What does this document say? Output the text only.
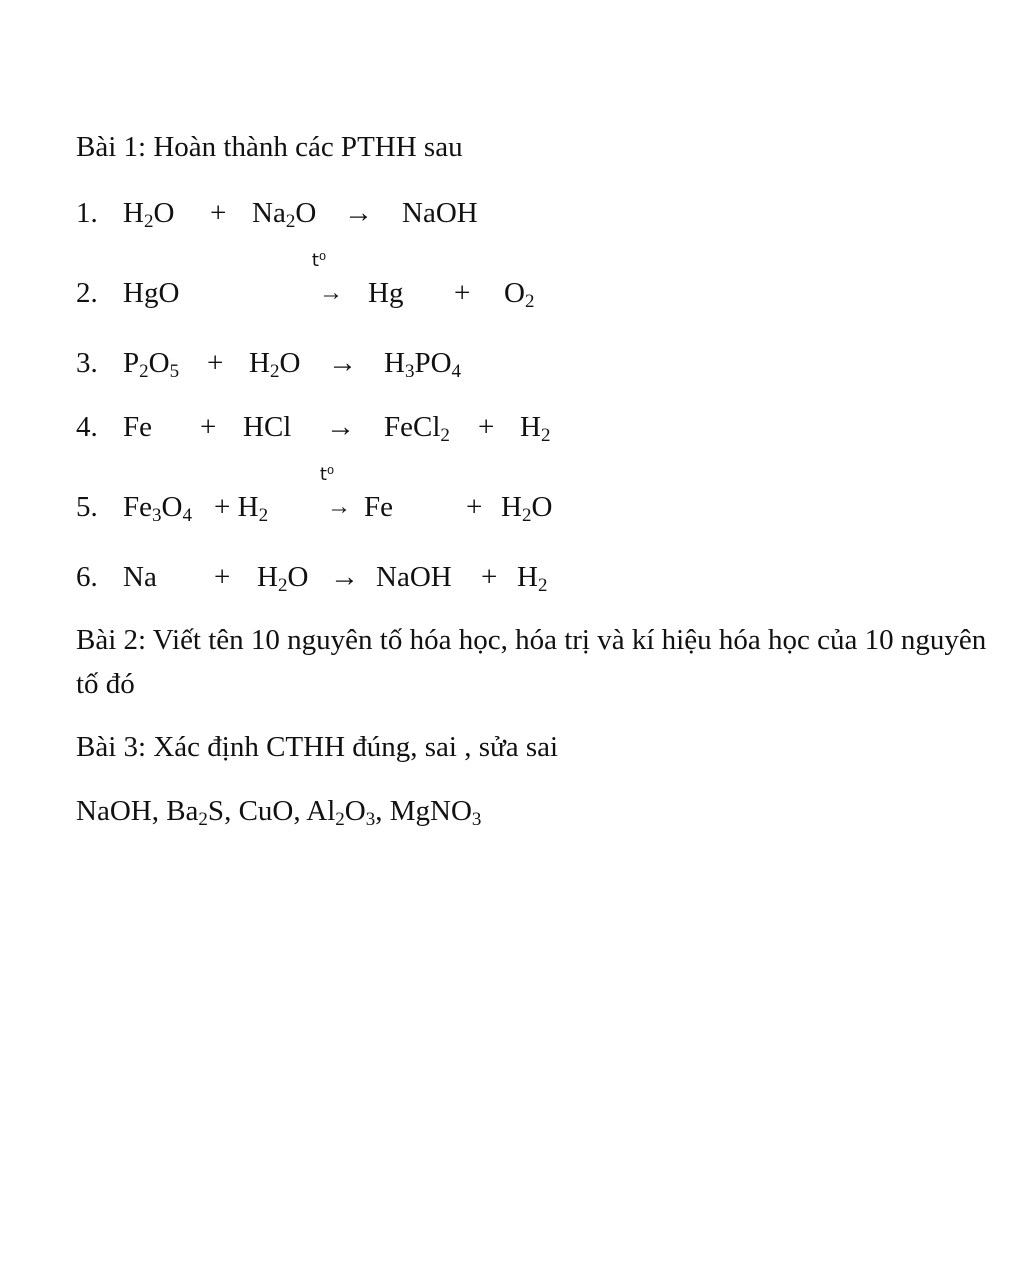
Bài 1: Hoàn thành các PTHH sau
1. $H_2O + Na_2O$ → NaOH
2. HgO
t⁰
→ $Hg + O_2$
3. $P_2O_5 + H_2O \to H_3PO_4$
4. Fe + HCl → FeCl$_2$ + $H_2$
5. $Fe_3O_4 + H_2$
t⁰
→ Fe	+ $H_2O$
6. $Na + H_2O$ → NaOH + $H_2$
Bài 2: Viết tên 10 nguyên tố hóa học, hóa trị và kí hiệu hóa học của 10 nguyên tố đó
Bài 3: Xác định CTHH đúng, sai , sửa sai
NaOH, $Ba_2S$, CuO, $Al_2O_3$, MgNO$_3$
